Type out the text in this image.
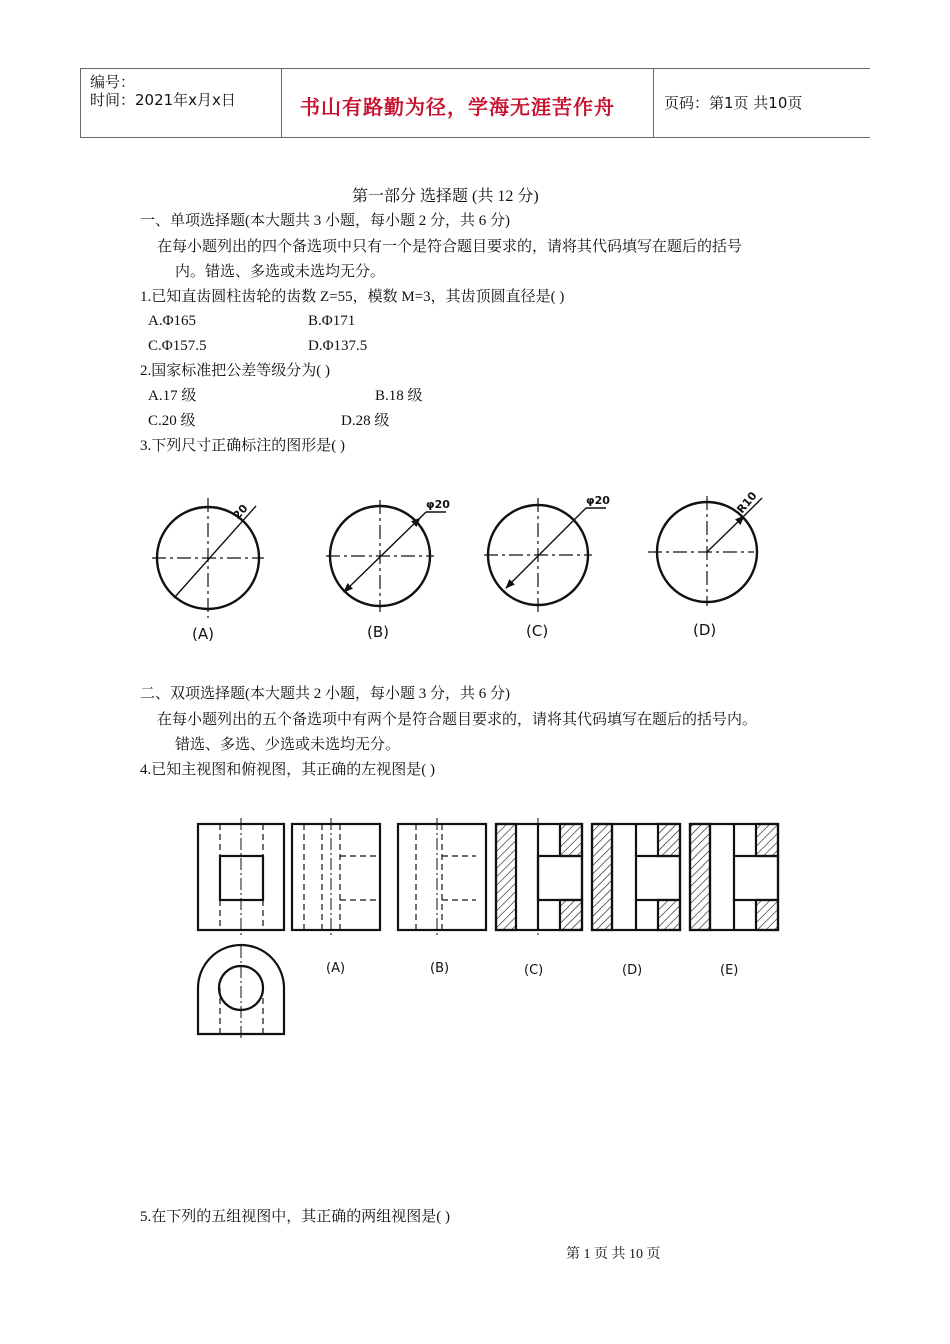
编号：
时间：2021年x月x日	书山有路勤为径，学海无涯苦作舟	页码：第1页 共10页
第一部分 选择题 (共 12 分)
一、单项选择题(本大题共 3 小题，每小题 2 分，共 6 分)
在每小题列出的四个备选项中只有一个是符合题目要求的，请将其代码填写在题后的括号
内。错选、多选或未选均无分。
1.已知直齿圆柱齿轮的齿数 Z=55，模数 M=3，其齿顶圆直径是( )
A.Φ165	B.Φ171
C.Φ157.5	D.Φ137.5
2.国家标准把公差等级分为( )
A.17 级	B.18 级
C.20 级	D.28 级
3.下列尺寸正确标注的图形是( )
20	φ20	φ20	R10
(A)	(B)	(C)	(D)
二、双项选择题(本大题共 2 小题，每小题 3 分，共 6 分)
在每小题列出的五个备选项中有两个是符合题目要求的，请将其代码填写在题后的括号内。
错选、多选、少选或未选均无分。
4.已知主视图和俯视图，其正确的左视图是( )
(A)	(B)	(C)	(D)	(E)
5.在下列的五组视图中，其正确的两组视图是( )
第 1 页 共 10 页
